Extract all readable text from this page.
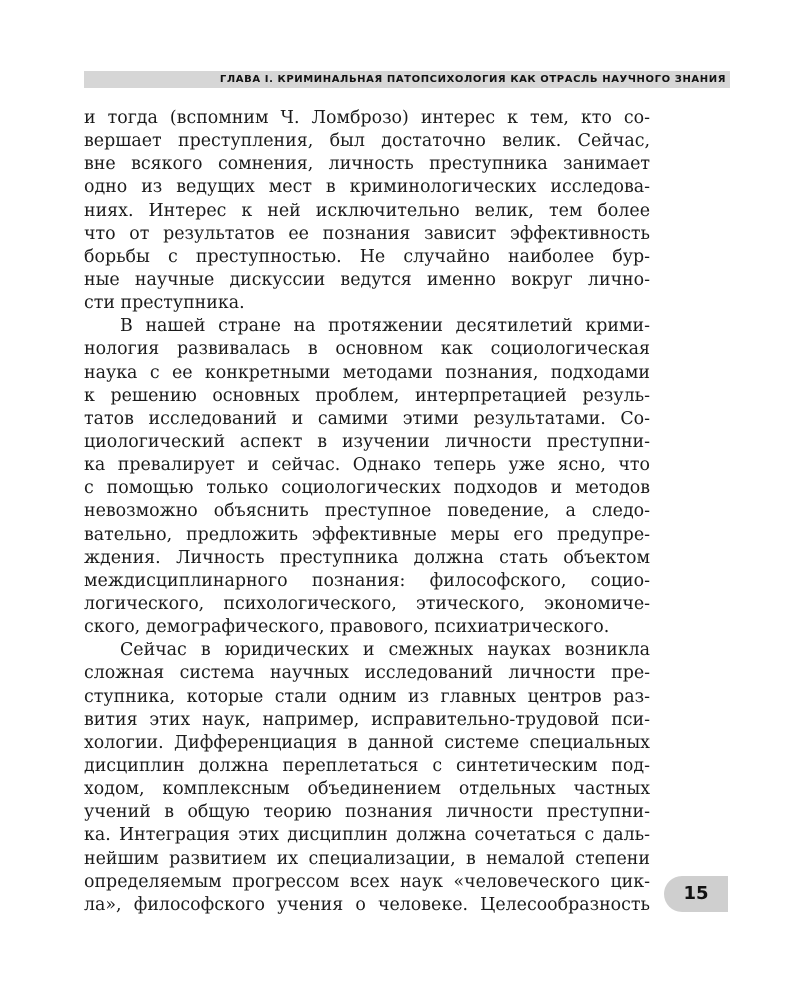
ГЛАВА I. КРИМИНАЛЬНАЯ ПАТОПСИХОЛОГИЯ КАК ОТРАСЛЬ НАУЧНОГО ЗНАНИЯ
и тогда (вспомним Ч. Ломброзо) интерес к тем, кто со-
вершает преступления, был достаточно велик. Сейчас,
вне всякого сомнения, личность преступника занимает
одно из ведущих мест в криминологических исследова-
ниях. Интерес к ней исключительно велик, тем более
что от результатов ее познания зависит эффективность
борьбы с преступностью. Не случайно наиболее бур-
ные научные дискуссии ведутся именно вокруг лично-
сти преступника.
В нашей стране на протяжении десятилетий крими-
нология развивалась в основном как социологическая
наука с ее конкретными методами познания, подходами
к решению основных проблем, интерпретацией резуль-
татов исследований и самими этими результатами. Со-
циологический аспект в изучении личности преступни-
ка превалирует и сейчас. Однако теперь уже ясно, что
с помощью только социологических подходов и методов
невозможно объяснить преступное поведение, а следо-
вательно, предложить эффективные меры его предупре-
ждения. Личность преступника должна стать объектом
междисциплинарного познания: философского, социо-
логического, психологического, этического, экономиче-
ского, демографического, правового, психиатрического.
Сейчас в юридических и смежных науках возникла
сложная система научных исследований личности пре-
ступника, которые стали одним из главных центров раз-
вития этих наук, например, исправительно-трудовой пси-
хологии. Дифференциация в данной системе специальных
дисциплин должна переплетаться с синтетическим под-
ходом, комплексным объединением отдельных частных
учений в общую теорию познания личности преступни-
ка. Интеграция этих дисциплин должна сочетаться с даль-
нейшим развитием их специализации, в немалой степени
определяемым прогрессом всех наук «человеческого цик-
ла», философского учения о человеке. Целесообразность
15
